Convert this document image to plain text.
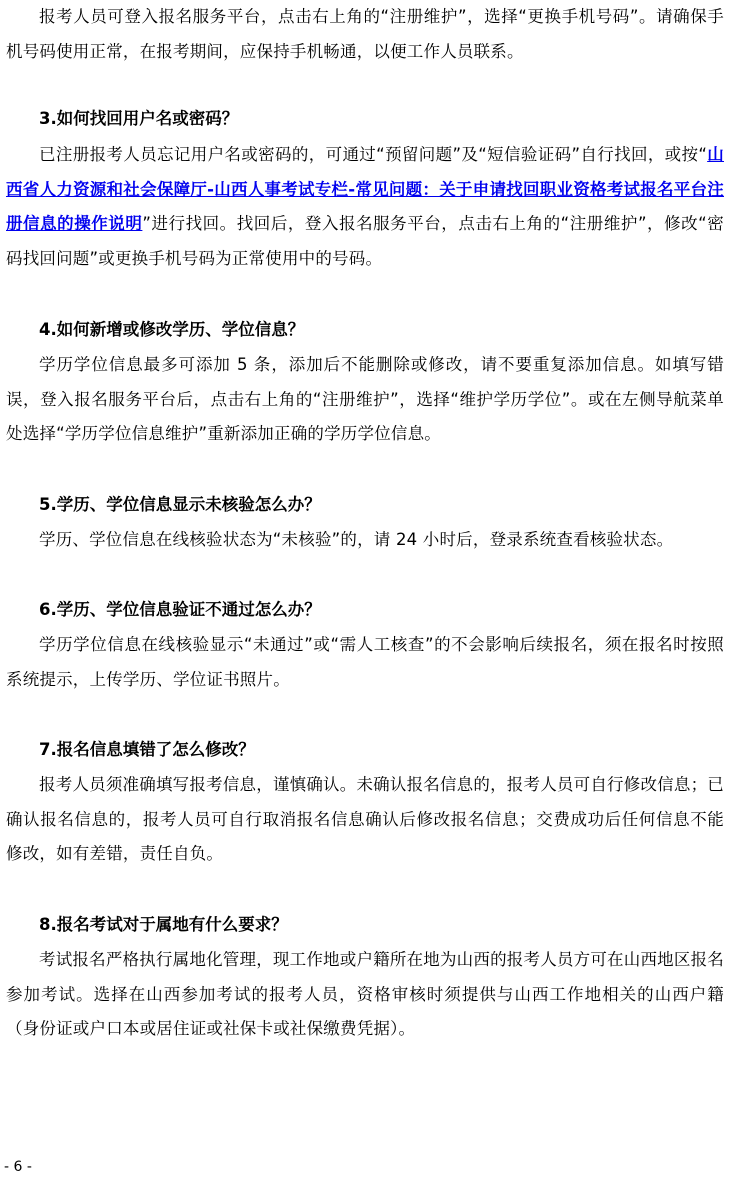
报考人员可登入报名服务平台，点击右上角的“注册维护”，选择“更换手机号码”。请确保手机号码使用正常，在报考期间，应保持手机畅通，以便工作人员联系。

3.如何找回用户名或密码？

已注册报考人员忘记用户名或密码的，可通过“预留问题”及“短信验证码”自行找回，或按“山西省人力资源和社会保障厅-山西人事考试专栏-常见问题：关于申请找回职业资格考试报名平台注册信息的操作说明”进行找回。找回后，登入报名服务平台，点击右上角的“注册维护”，修改“密码找回问题”或更换手机号码为正常使用中的号码。

4.如何新增或修改学历、学位信息？

学历学位信息最多可添加 5 条，添加后不能删除或修改，请不要重复添加信息。如填写错误，登入报名服务平台后，点击右上角的“注册维护”，选择“维护学历学位”。或在左侧导航菜单处选择“学历学位信息维护”重新添加正确的学历学位信息。

5.学历、学位信息显示未核验怎么办？

学历、学位信息在线核验状态为“未核验”的，请 24 小时后，登录系统查看核验状态。

6.学历、学位信息验证不通过怎么办？

学历学位信息在线核验显示“未通过”或“需人工核查”的不会影响后续报名，须在报名时按照系统提示，上传学历、学位证书照片。

7.报名信息填错了怎么修改？

报考人员须准确填写报考信息，谨慎确认。未确认报名信息的，报考人员可自行修改信息；已确认报名信息的，报考人员可自行取消报名信息确认后修改报名信息；交费成功后任何信息不能修改，如有差错，责任自负。

8.报名考试对于属地有什么要求？

考试报名严格执行属地化管理，现工作地或户籍所在地为山西的报考人员方可在山西地区报名参加考试。选择在山西参加考试的报考人员，资格审核时须提供与山西工作地相关的山西户籍（身份证或户口本或居住证或社保卡或社保缴费凭据）。

- 6 -
